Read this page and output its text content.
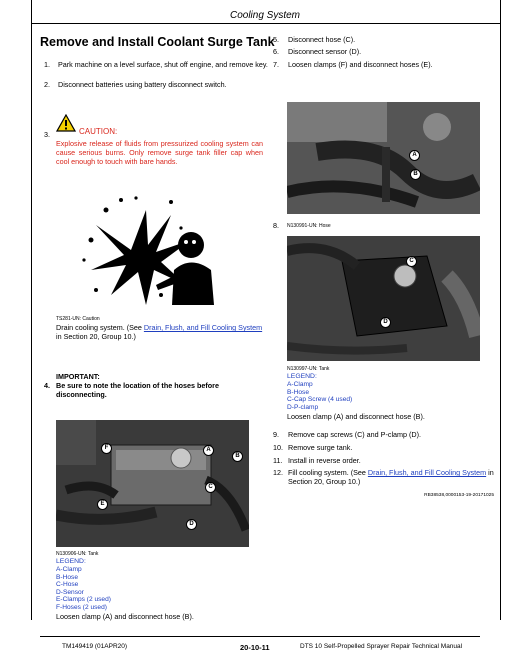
Cooling System
Remove and Install Coolant Surge Tank
1. Park machine on a level surface, shut off engine, and remove key.
2. Disconnect batteries using battery disconnect switch.
3.	CAUTION:
Explosive release of fluids from pressurized cooling system can cause serious burns. Only remove surge tank filler cap when cool enough to touch with bare hands.
TS281-UN: Caution
Drain cooling system. (See Drain, Flush, and Fill Cooling System in Section 20, Group 10.)
IMPORTANT:
4. Be sure to note the location of the hoses before disconnecting.
F	A
B
C
E
D
N130906-UN: Tank
LEGEND:
A-Clamp
B-Hose
C-Hose
D-Sensor
E-Clamps (2 used)
F-Hoses (2 used)
Loosen clamp (A) and disconnect hose (B).
5. Disconnect hose (C).
6. Disconnect sensor (D).
7. Loosen clamps (F) and disconnect hoses (E).
A
B
8. N130991-UN: Hose
C
D
N130997-UN: Tank
LEGEND:
A-Clamp
B-Hose
C-Cap Screw (4 used)
D-P-clamp
Loosen clamp (A) and disconnect hose (B).
9. Remove cap screws (C) and P-clamp (D).
10. Remove surge tank.
11. Install in reverse order.
12. Fill cooling system. (See Drain, Flush, and Fill Cooling System in Section 20, Group 10.)
RB38538,0000153-19-20171025
TM149419 (01APR20)	20-10-11	DTS 10 Self-Propelled Sprayer Repair Technical Manual
